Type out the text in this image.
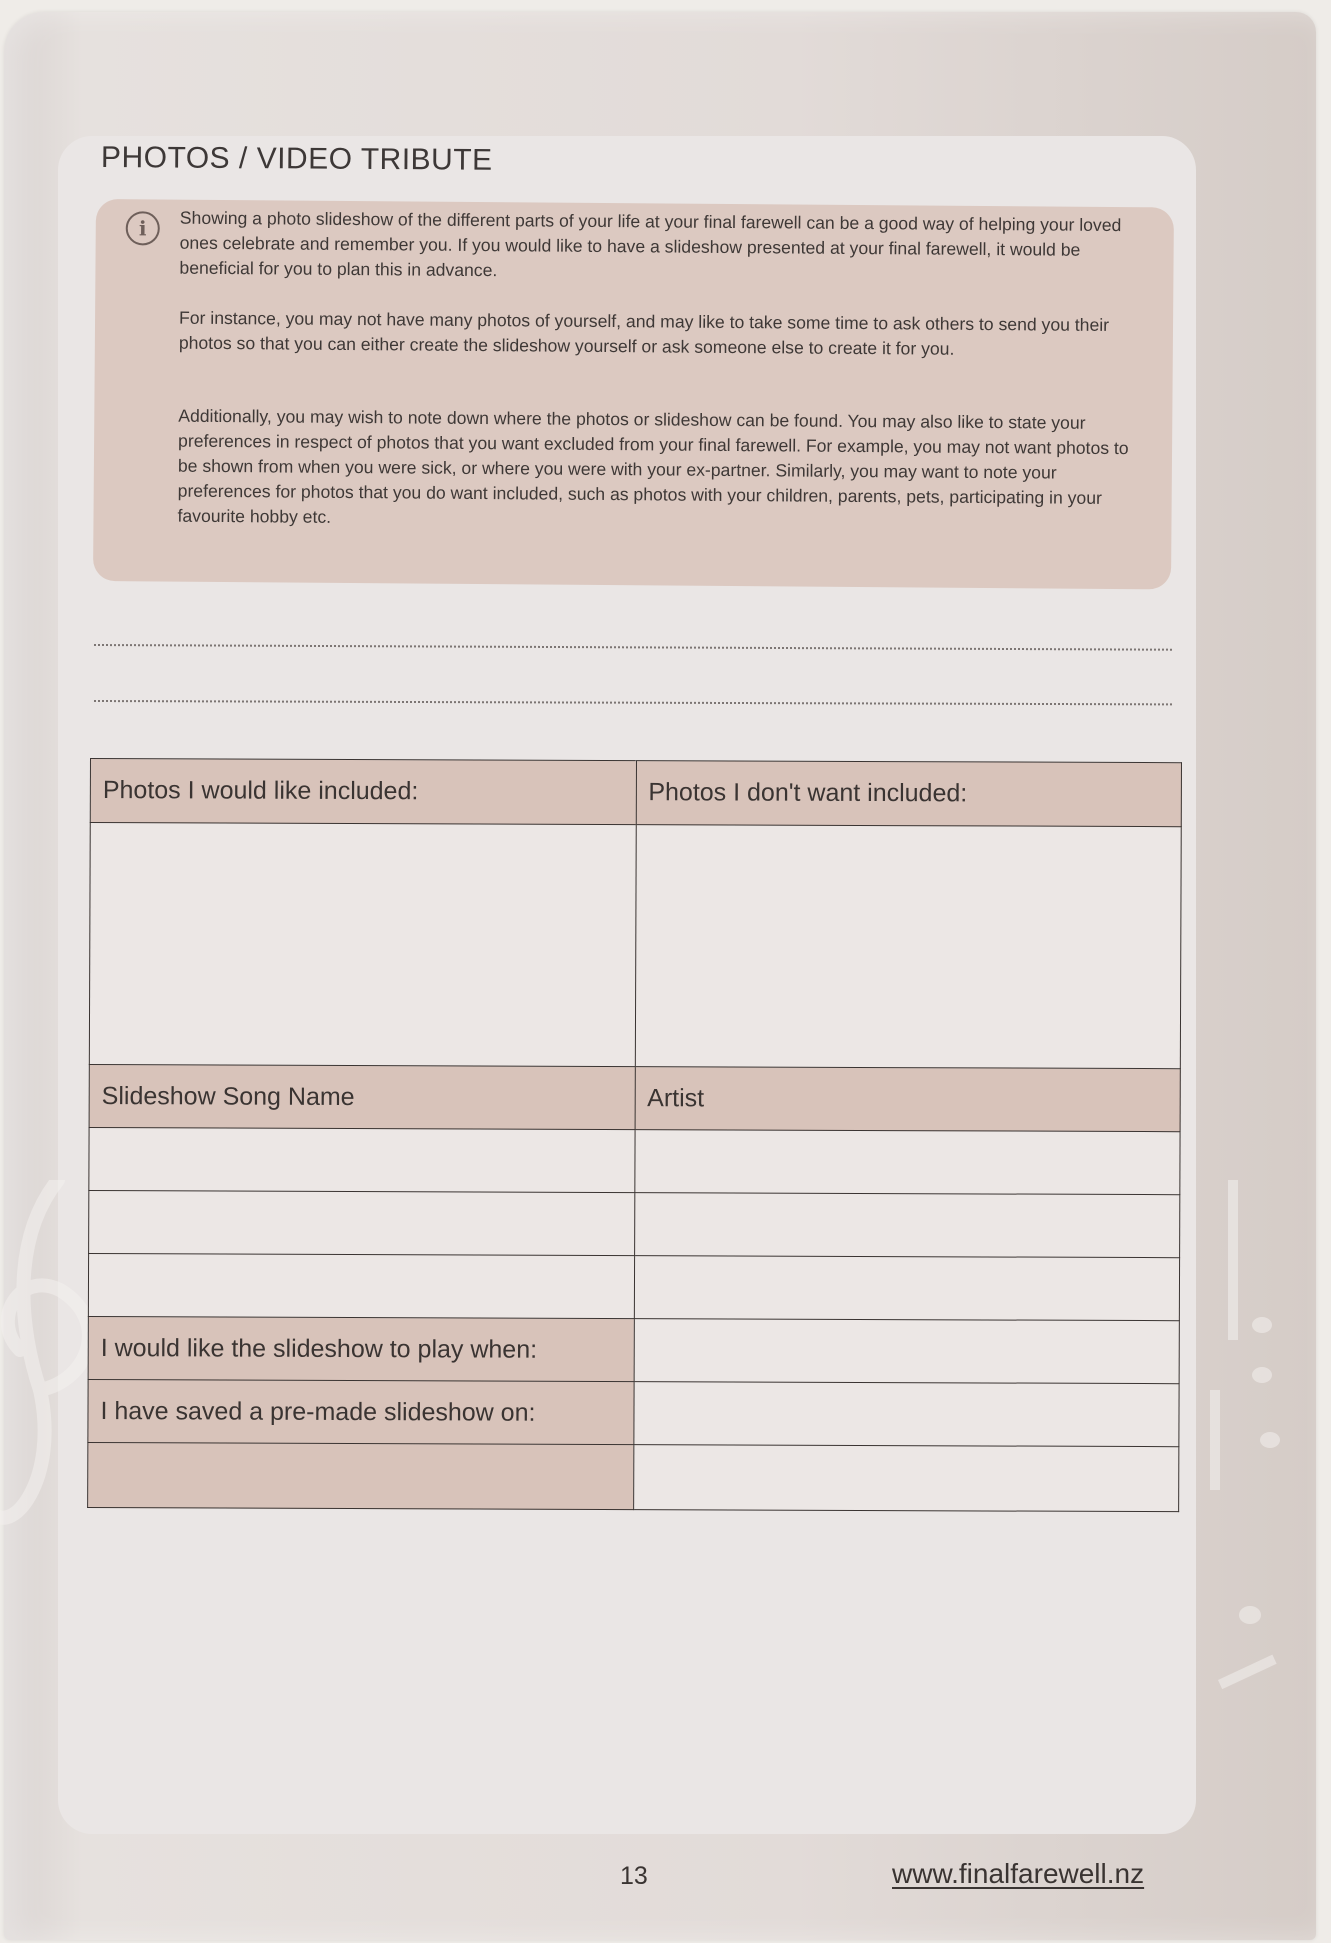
PHOTOS / VIDEO TRIBUTE
i	Showing a photo slideshow of the different parts of your life at your final farewell can be a good way of helping your loved ones celebrate and remember you. If you would like to have a slideshow presented at your final farewell, it would be beneficial for you to plan this in advance.

For instance, you may not have many photos of yourself, and may like to take some time to ask others to send you their photos so that you can either create the slideshow yourself or ask someone else to create it for you.

Additionally, you may wish to note down where the photos or slideshow can be found. You may also like to state your preferences in respect of photos that you want excluded from your final farewell. For example, you may not want photos to be shown from when you were sick, or where you were with your ex-partner. Similarly, you may want to note your preferences for photos that you do want included, such as photos with your children, parents, pets, participating in your favourite hobby etc.

Photos I would like included:	Photos I don't want included:

Slideshow Song Name	Artist

I would like the slideshow to play when:	
I have saved a pre-made slideshow on:	

13	www.finalfarewell.nz
